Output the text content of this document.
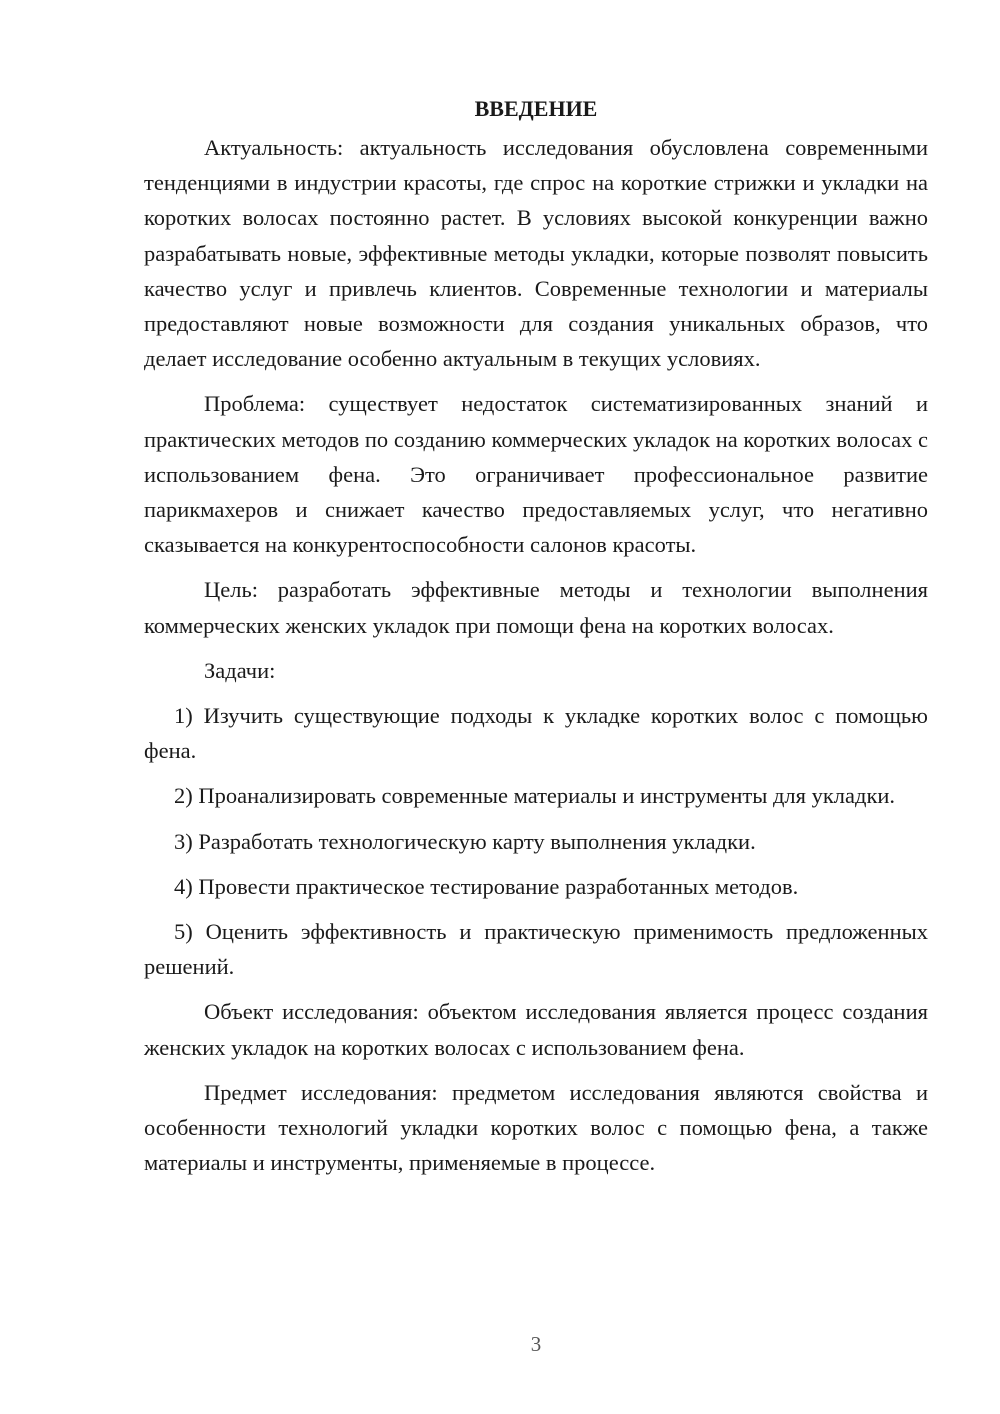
ВВЕДЕНИЕ

Актуальность: актуальность исследования обусловлена современными тенденциями в индустрии красоты, где спрос на короткие стрижки и укладки на коротких волосах постоянно растет. В условиях высокой конкуренции важно разрабатывать новые, эффективные методы укладки, которые позволят повысить качество услуг и привлечь клиентов. Современные технологии и материалы предоставляют новые возможности для создания уникальных образов, что делает исследование особенно актуальным в текущих условиях.

Проблема: существует недостаток систематизированных знаний и практических методов по созданию коммерческих укладок на коротких волосах с использованием фена. Это ограничивает профессиональное развитие парикмахеров и снижает качество предоставляемых услуг, что негативно сказывается на конкурентоспособности салонов красоты.

Цель: разработать эффективные методы и технологии выполнения коммерческих женских укладок при помощи фена на коротких волосах.

Задачи:

1) Изучить существующие подходы к укладке коротких волос с помощью фена.

2) Проанализировать современные материалы и инструменты для укладки.

3) Разработать технологическую карту выполнения укладки.

4) Провести практическое тестирование разработанных методов.

5) Оценить эффективность и практическую применимость предложенных решений.

Объект исследования: объектом исследования является процесс создания женских укладок на коротких волосах с использованием фена.

Предмет исследования: предметом исследования являются свойства и особенности технологий укладки коротких волос с помощью фена, а также материалы и инструменты, применяемые в процессе.

3
